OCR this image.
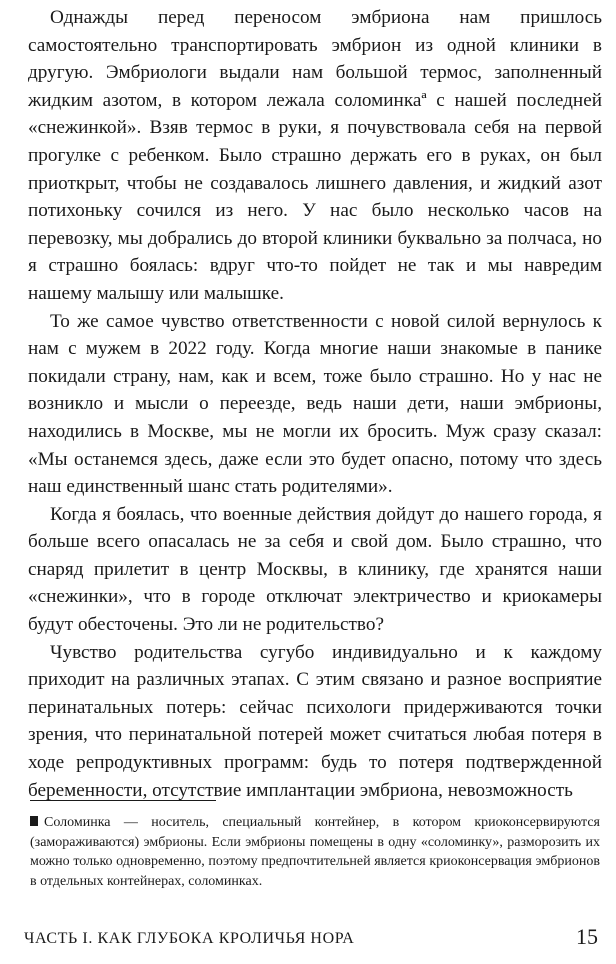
Однажды перед переносом эмбриона нам пришлось самостоятельно транспортировать эмбрион из одной клиники в другую. Эмбриологи выдали нам большой термос, заполненный жидким азотом, в котором лежала соломинкаª с нашей последней «снежинкой». Взяв термос в руки, я почувствовала себя на первой прогулке с ребенком. Было страшно держать его в руках, он был приоткрыт, чтобы не создавалось лишнего давления, и жидкий азот потихоньку сочился из него. У нас было несколько часов на перевозку, мы добрались до второй клиники буквально за полчаса, но я страшно боялась: вдруг что-то пойдет не так и мы навредим нашему малышу или малышке.

То же самое чувство ответственности с новой силой вернулось к нам с мужем в 2022 году. Когда многие наши знакомые в панике покидали страну, нам, как и всем, тоже было страшно. Но у нас не возникло и мысли о переезде, ведь наши дети, наши эмбрионы, находились в Москве, мы не могли их бросить. Муж сразу сказал: «Мы останемся здесь, даже если это будет опасно, потому что здесь наш единственный шанс стать родителями».

Когда я боялась, что военные действия дойдут до нашего города, я больше всего опасалась не за себя и свой дом. Было страшно, что снаряд прилетит в центр Москвы, в клинику, где хранятся наши «снежинки», что в городе отключат электричество и криокамеры будут обесточены. Это ли не родительство?

Чувство родительства сугубо индивидуально и к каждому приходит на различных этапах. С этим связано и разное восприятие перинатальных потерь: сейчас психологи придерживаются точки зрения, что перинатальной потерей может считаться любая потеря в ходе репродуктивных программ: будь то потеря подтвержденной беременности, отсутствие имплантации эмбриона, невозможность

Соломинка — носитель, специальный контейнер, в котором криоконсервируются (замораживаются) эмбрионы. Если эмбрионы помещены в одну «соломинку», разморозить их можно только одновременно, поэтому предпочтительней является криоконсервация эмбрионов в отдельных контейнерах, соломинках.
ЧАСТЬ I. КАК ГЛУБОКА КРОЛИЧЬЯ НОРА	15
